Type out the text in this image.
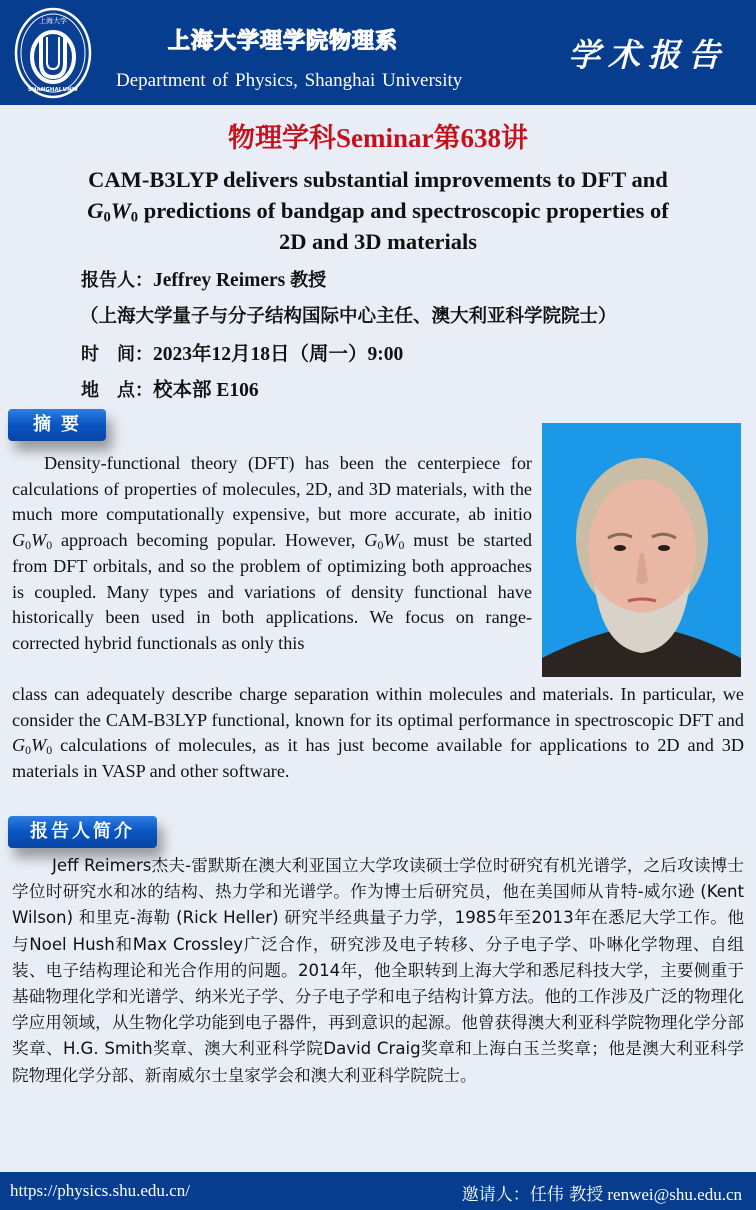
上海大学
SHANGHAI UNIV
上海大学理学院物理系
Department of Physics, Shanghai University
学术报告
物理学科Seminar第638讲
CAM-B3LYP delivers substantial improvements to DFT and
$G_0W_0$ predictions of bandgap and spectroscopic properties of
2D and 3D materials
报告人：Jeffrey Reimers 教授
（上海大学量子与分子结构国际中心主任、澳大利亚科学院院士）
时　间：2023年12月18日（周一）9:00
地　点：校本部 E106
摘要
Density-functional theory (DFT) has been the centerpiece for calculations of properties of molecules, 2D, and 3D materials, with the much more computationally expensive, but more accurate, ab initio $G_0W_0$ approach becoming popular. However, $G_0W_0$ must be started from DFT orbitals, and so the problem of optimizing both approaches is coupled. Many types and variations of density functional have historically been used in both applications. We focus on range-corrected hybrid functionals as only this
class can adequately describe charge separation within molecules and materials. In particular, we consider the CAM-B3LYP functional, known for its optimal performance in spectroscopic DFT and $G_0W_0$ calculations of molecules, as it has just become available for applications to 2D and 3D materials in VASP and other software.
报告人简介
Jeff Reimers杰夫-雷默斯在澳大利亚国立大学攻读硕士学位时研究有机光谱学，之后攻读博士学位时研究水和冰的结构、热力学和光谱学。作为博士后研究员，他在美国师从肯特-威尔逊 (Kent Wilson) 和里克-海勒 (Rick Heller) 研究半经典量子力学，1985年至2013年在悉尼大学工作。他与Noel Hush和Max Crossley广泛合作，研究涉及电子转移、分子电子学、卟啉化学物理、自组装、电子结构理论和光合作用的问题。2014年，他全职转到上海大学和悉尼科技大学，主要侧重于基础物理化学和光谱学、纳米光子学、分子电子学和电子结构计算方法。他的工作涉及广泛的物理化学应用领域，从生物化学功能到电子器件，再到意识的起源。他曾获得澳大利亚科学院物理化学分部奖章、H.G. Smith奖章、澳大利亚科学院David Craig奖章和上海白玉兰奖章；他是澳大利亚科学院物理化学分部、新南威尔士皇家学会和澳大利亚科学院院士。
https://physics.shu.edu.cn/	邀请人：任伟 教授 renwei@shu.edu.cn
